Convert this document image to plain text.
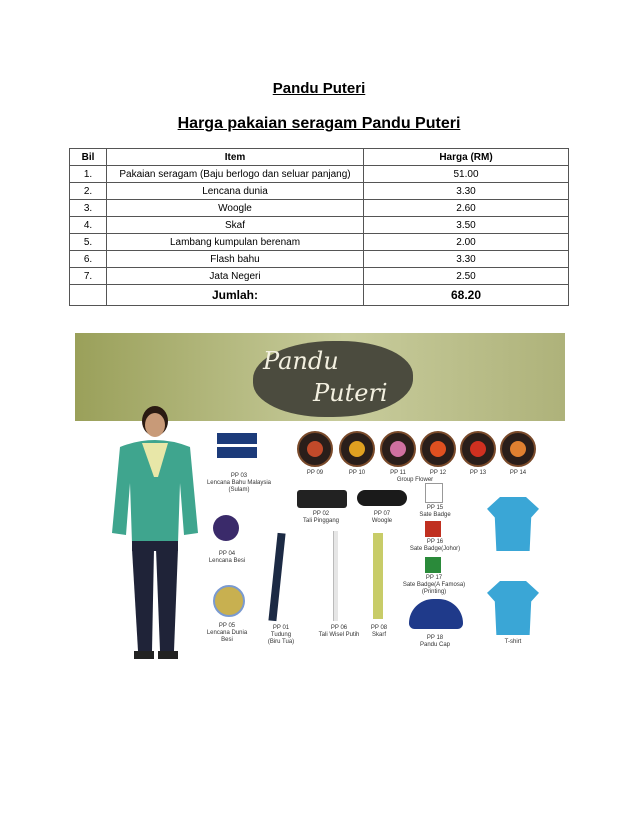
Pandu Puteri
Harga pakaian seragam Pandu Puteri
Bil	Item	Harga (RM)
1.	Pakaian seragam (Baju berlogo dan seluar panjang)	51.00
2.	Lencana dunia	3.30
3.	Woogle	2.60
4.	Skaf	3.50
5.	Lambang kumpulan berenam	2.00
6.	Flash bahu	3.30
7.	Jata Negeri	2.50
	Jumlah:	68.20
Pandu
Puteri
PP 03
Lencana Bahu Malaysia
(Sulam)
PP 09	PP 10	PP 11	PP 12	PP 13	PP 14
Group Flower
PP 02
Tali Pinggang
PP 07
Woogle
PP 15
Sate Badge
PP 16
Sate Badge(Johor)
PP 17
Sate Badge(A Famosa)
(Printing)
T-shirt
PP 04
Lencana Besi
PP 05
Lencana Dunia
Besi
PP 01
Tudung
(Biru Tua)
PP 06
Tali Wisel Putih
PP 08
Skarf	PP 18
Pandu Cap
